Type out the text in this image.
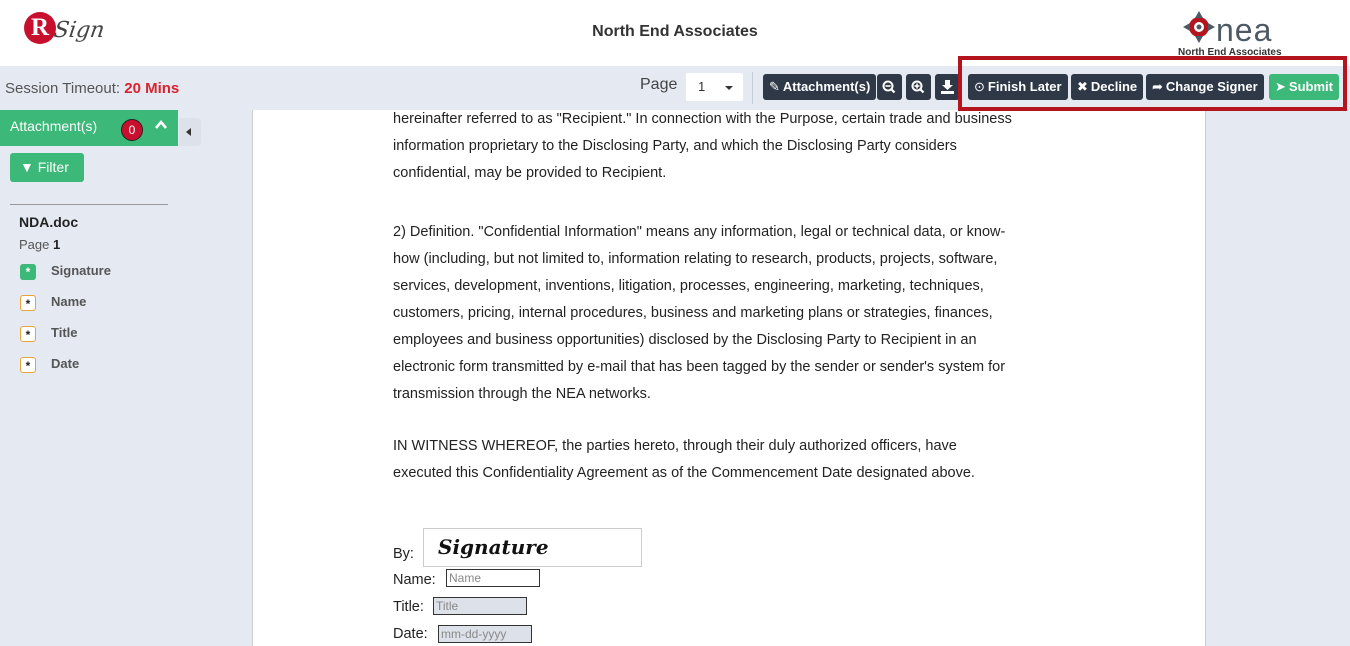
R Sign	North End Associates	nea
North End Associates
Session Timeout: 20 Mins	Page	1	✎ Attachment(s)	⊙ Finish Later	✖ Decline	➦ Change Signer	➤ Submit
hereinafter referred to as "Recipient." In connection with the Purpose, certain trade and business
information proprietary to the Disclosing Party, and which the Disclosing Party considers
confidential, may be provided to Recipient.
2) Definition. "Confidential Information" means any information, legal or technical data, or know-
how (including, but not limited to, information relating to research, products, projects, software,
services, development, inventions, litigation, processes, engineering, marketing, techniques,
customers, pricing, internal procedures, business and marketing plans or strategies, finances,
employees and business opportunities) disclosed by the Disclosing Party to Recipient in an
electronic form transmitted by e-mail that has been tagged by the sender or sender's system for
transmission through the NEA networks.
IN WITNESS WHEREOF, the parties hereto, through their duly authorized officers, have
executed this Confidentiality Agreement as of the Commencement Date designated above.
By: Signature
Name: Name
Title: Title
Date: mm-dd-yyyy
Attachment(s)	0
▼ Filter
NDA.doc
Page 1
*	Signature
*	Name
*	Title
*	Date
